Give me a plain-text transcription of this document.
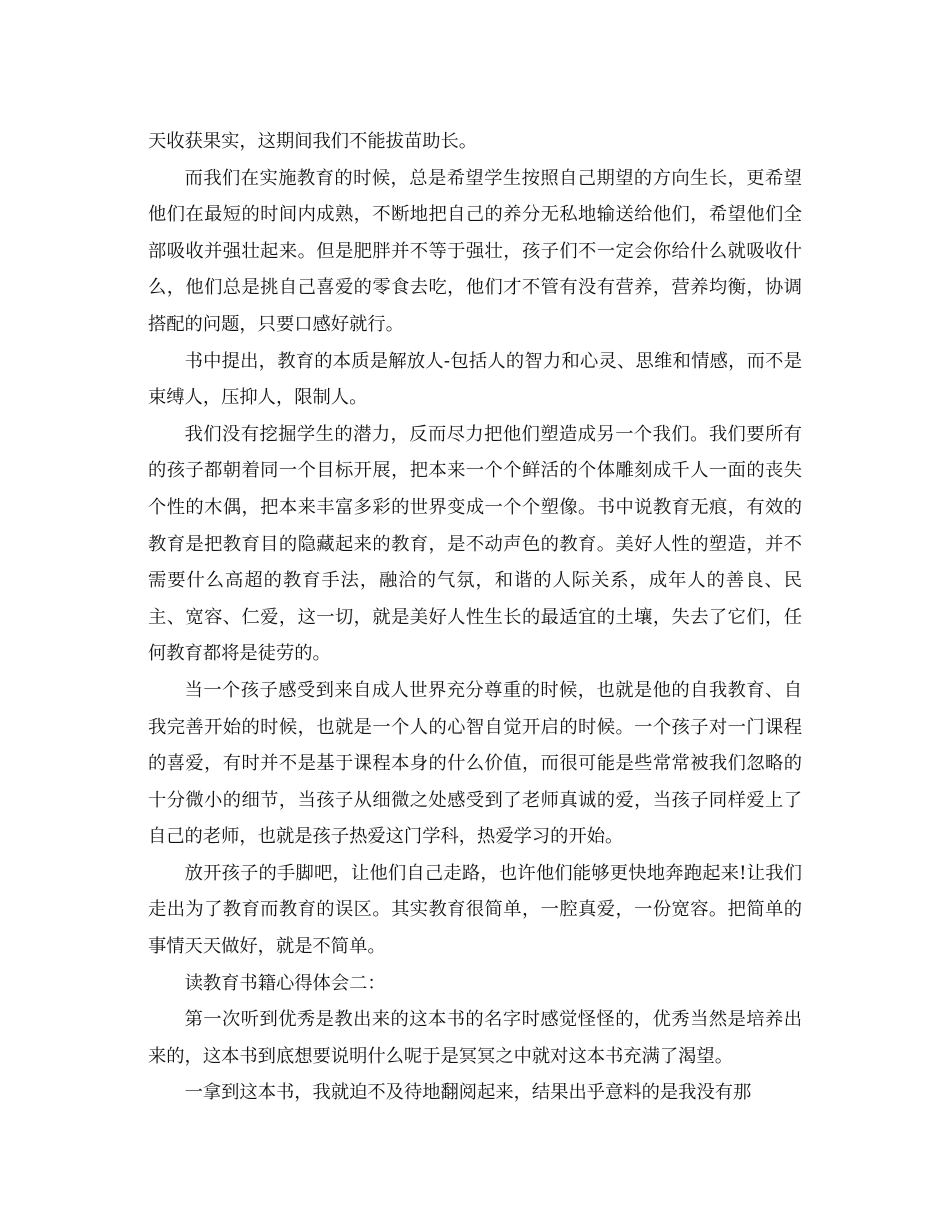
天收获果实，这期间我们不能拔苗助长。

而我们在实施教育的时候，总是希望学生按照自己期望的方向生长，更希望他们在最短的时间内成熟，不断地把自己的养分无私地输送给他们，希望他们全部吸收并强壮起来。但是肥胖并不等于强壮，孩子们不一定会你给什么就吸收什么，他们总是挑自己喜爱的零食去吃，他们才不管有没有营养，营养均衡，协调搭配的问题，只要口感好就行。

书中提出，教育的本质是解放人-包括人的智力和心灵、思维和情感，而不是束缚人，压抑人，限制人。

我们没有挖掘学生的潜力，反而尽力把他们塑造成另一个我们。我们要所有的孩子都朝着同一个目标开展，把本来一个个鲜活的个体雕刻成千人一面的丧失个性的木偶，把本来丰富多彩的世界变成一个个塑像。书中说教育无痕，有效的教育是把教育目的隐藏起来的教育，是不动声色的教育。美好人性的塑造，并不需要什么高超的教育手法，融洽的气氛，和谐的人际关系，成年人的善良、民主、宽容、仁爱，这一切，就是美好人性生长的最适宜的土壤，失去了它们，任何教育都将是徒劳的。

当一个孩子感受到来自成人世界充分尊重的时候，也就是他的自我教育、自我完善开始的时候，也就是一个人的心智自觉开启的时候。一个孩子对一门课程的喜爱，有时并不是基于课程本身的什么价值，而很可能是些常常被我们忽略的十分微小的细节，当孩子从细微之处感受到了老师真诚的爱，当孩子同样爱上了自己的老师，也就是孩子热爱这门学科，热爱学习的开始。

放开孩子的手脚吧，让他们自己走路，也许他们能够更快地奔跑起来!让我们走出为了教育而教育的误区。其实教育很简单，一腔真爱，一份宽容。把简单的事情天天做好，就是不简单。

读教育书籍心得体会二：

第一次听到优秀是教出来的这本书的名字时感觉怪怪的，优秀当然是培养出来的，这本书到底想要说明什么呢于是冥冥之中就对这本书充满了渴望。

一拿到这本书，我就迫不及待地翻阅起来，结果出乎意料的是我没有那
